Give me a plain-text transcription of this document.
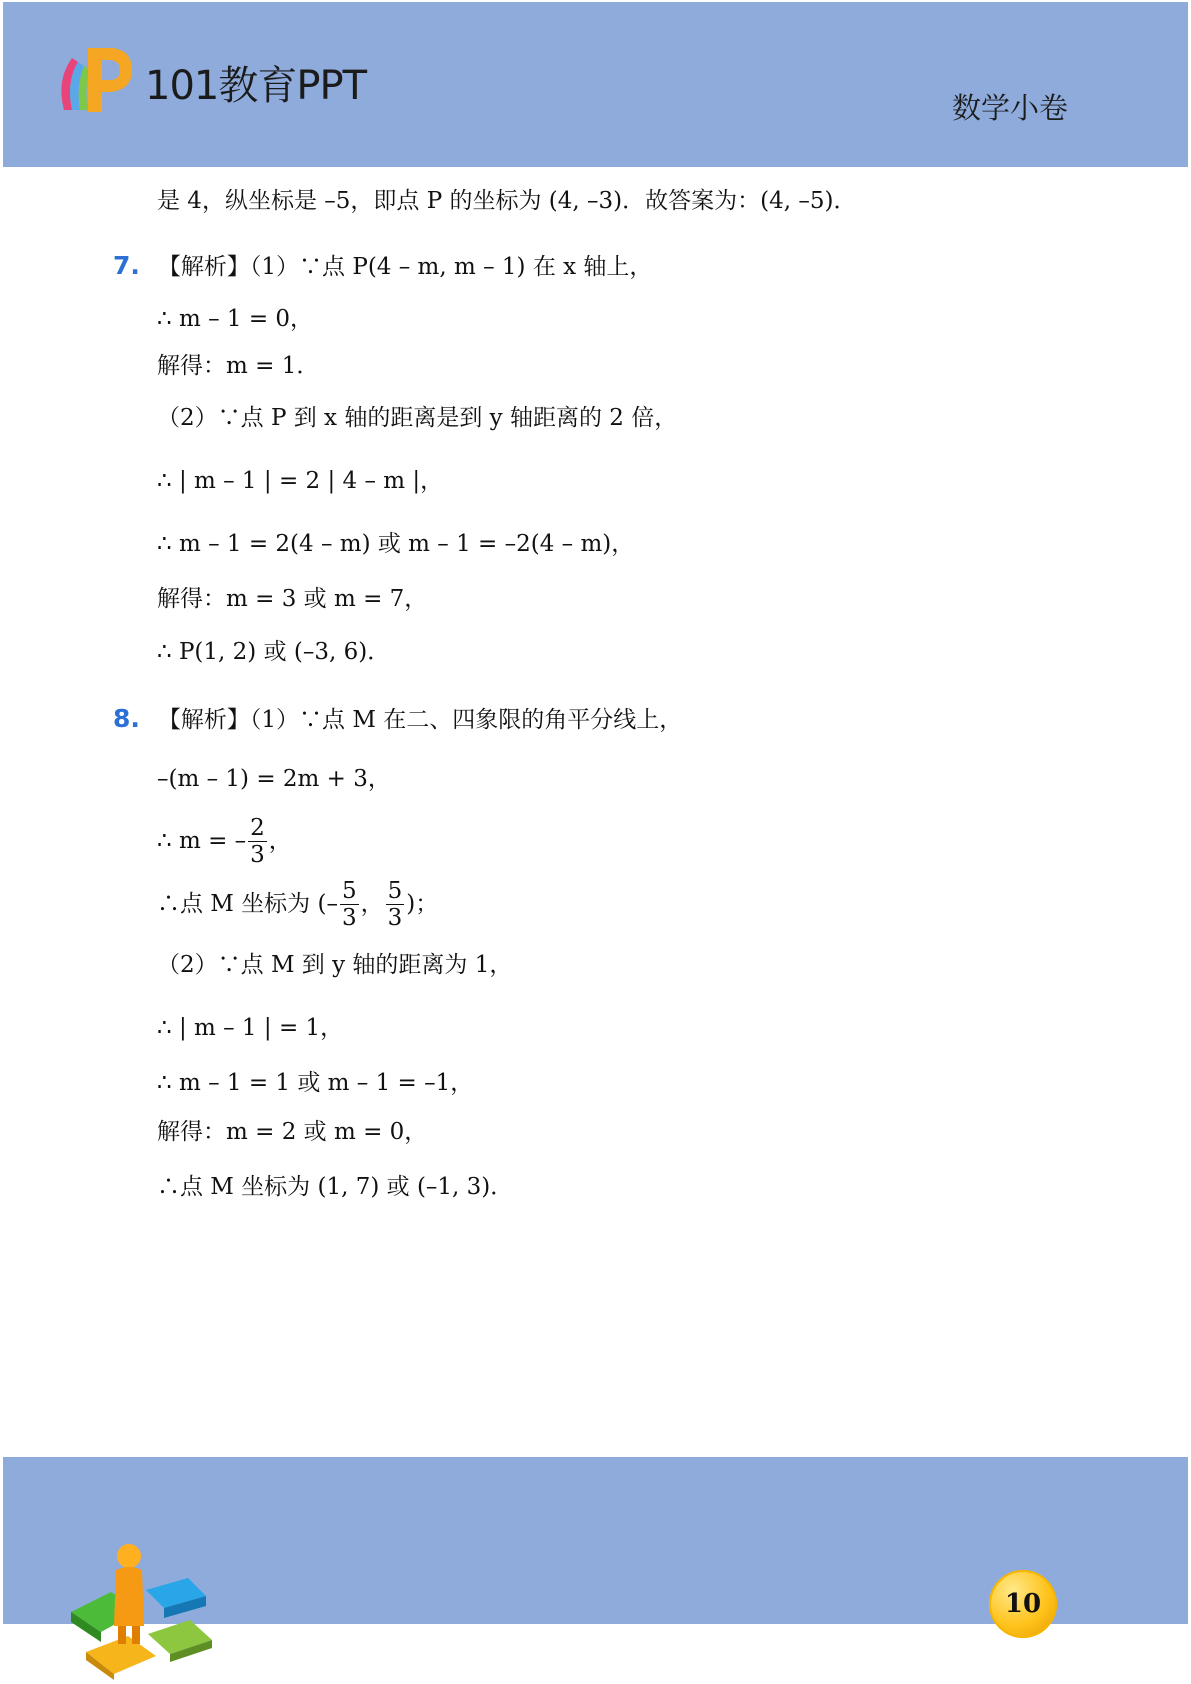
101教育PPT	数学小卷
是 4，纵坐标是 –5，即点 P 的坐标为 (4, –3)．故答案为：(4, –5)．
7. 【解析】（1）∵点 P(4 – m, m – 1) 在 x 轴上，
∴ m – 1 = 0，
解得：m = 1．
（2）∵点 P 到 x 轴的距离是到 y 轴距离的 2 倍，
∴ | m – 1 | = 2 | 4 – m |，
∴ m – 1 = 2(4 – m) 或 m – 1 = –2(4 – m)，
解得：m = 3 或 m = 7，
∴ P(1, 2) 或 (–3, 6)．
8. 【解析】（1）∵点 M 在二、四象限的角平分线上，
–(m – 1) = 2m + 3，
∴ m = – $\frac{2}{3}$ ，
∴点 M 坐标为 (– $\frac{5}{3}$ ， $\frac{5}{3}$ )；
（2）∵点 M 到 y 轴的距离为 1，
∴ | m – 1 | = 1，
∴ m – 1 = 1 或 m – 1 = –1，
解得：m = 2 或 m = 0，
∴点 M 坐标为 (1, 7) 或 (–1, 3)．
10
